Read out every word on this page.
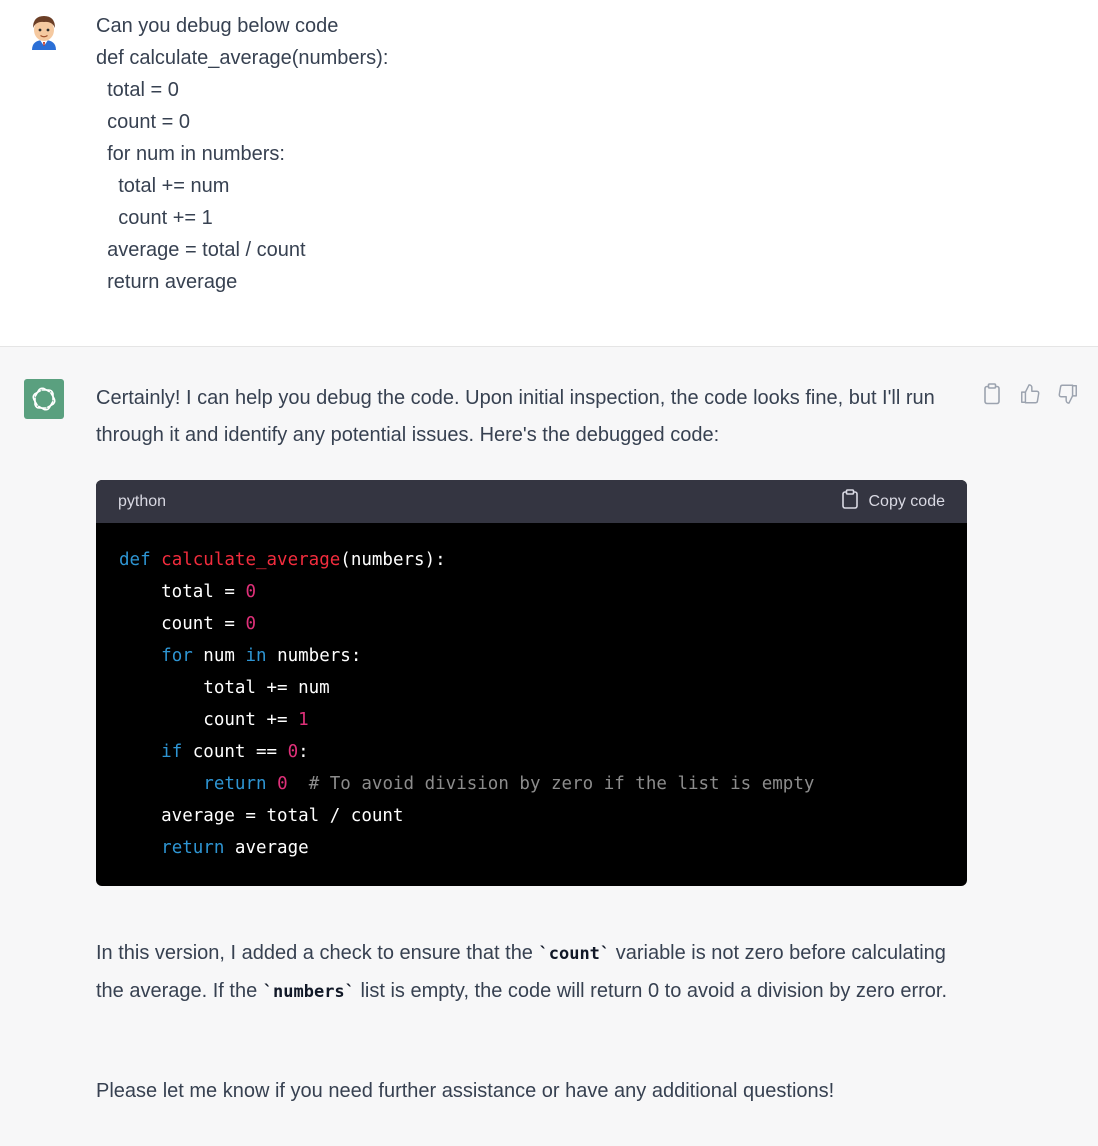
Can you debug below code
def calculate_average(numbers):
total = 0
count = 0
for num in numbers:
total += num
count += 1
average = total / count
return average
Certainly! I can help you debug the code. Upon initial inspection, the code looks fine, but I'll run through it and identify any potential issues. Here's the debugged code:
python	Copy code
def calculate_average(numbers):
total = 0
count = 0
for num in numbers:
total += num
count += 1
if count == 0:
return 0 # To avoid division by zero if the list is empty
average = total / count
return average
In this version, I added a check to ensure that the `count` variable is not zero before calculating the average. If the `numbers` list is empty, the code will return 0 to avoid a division by zero error.
Please let me know if you need further assistance or have any additional questions!
